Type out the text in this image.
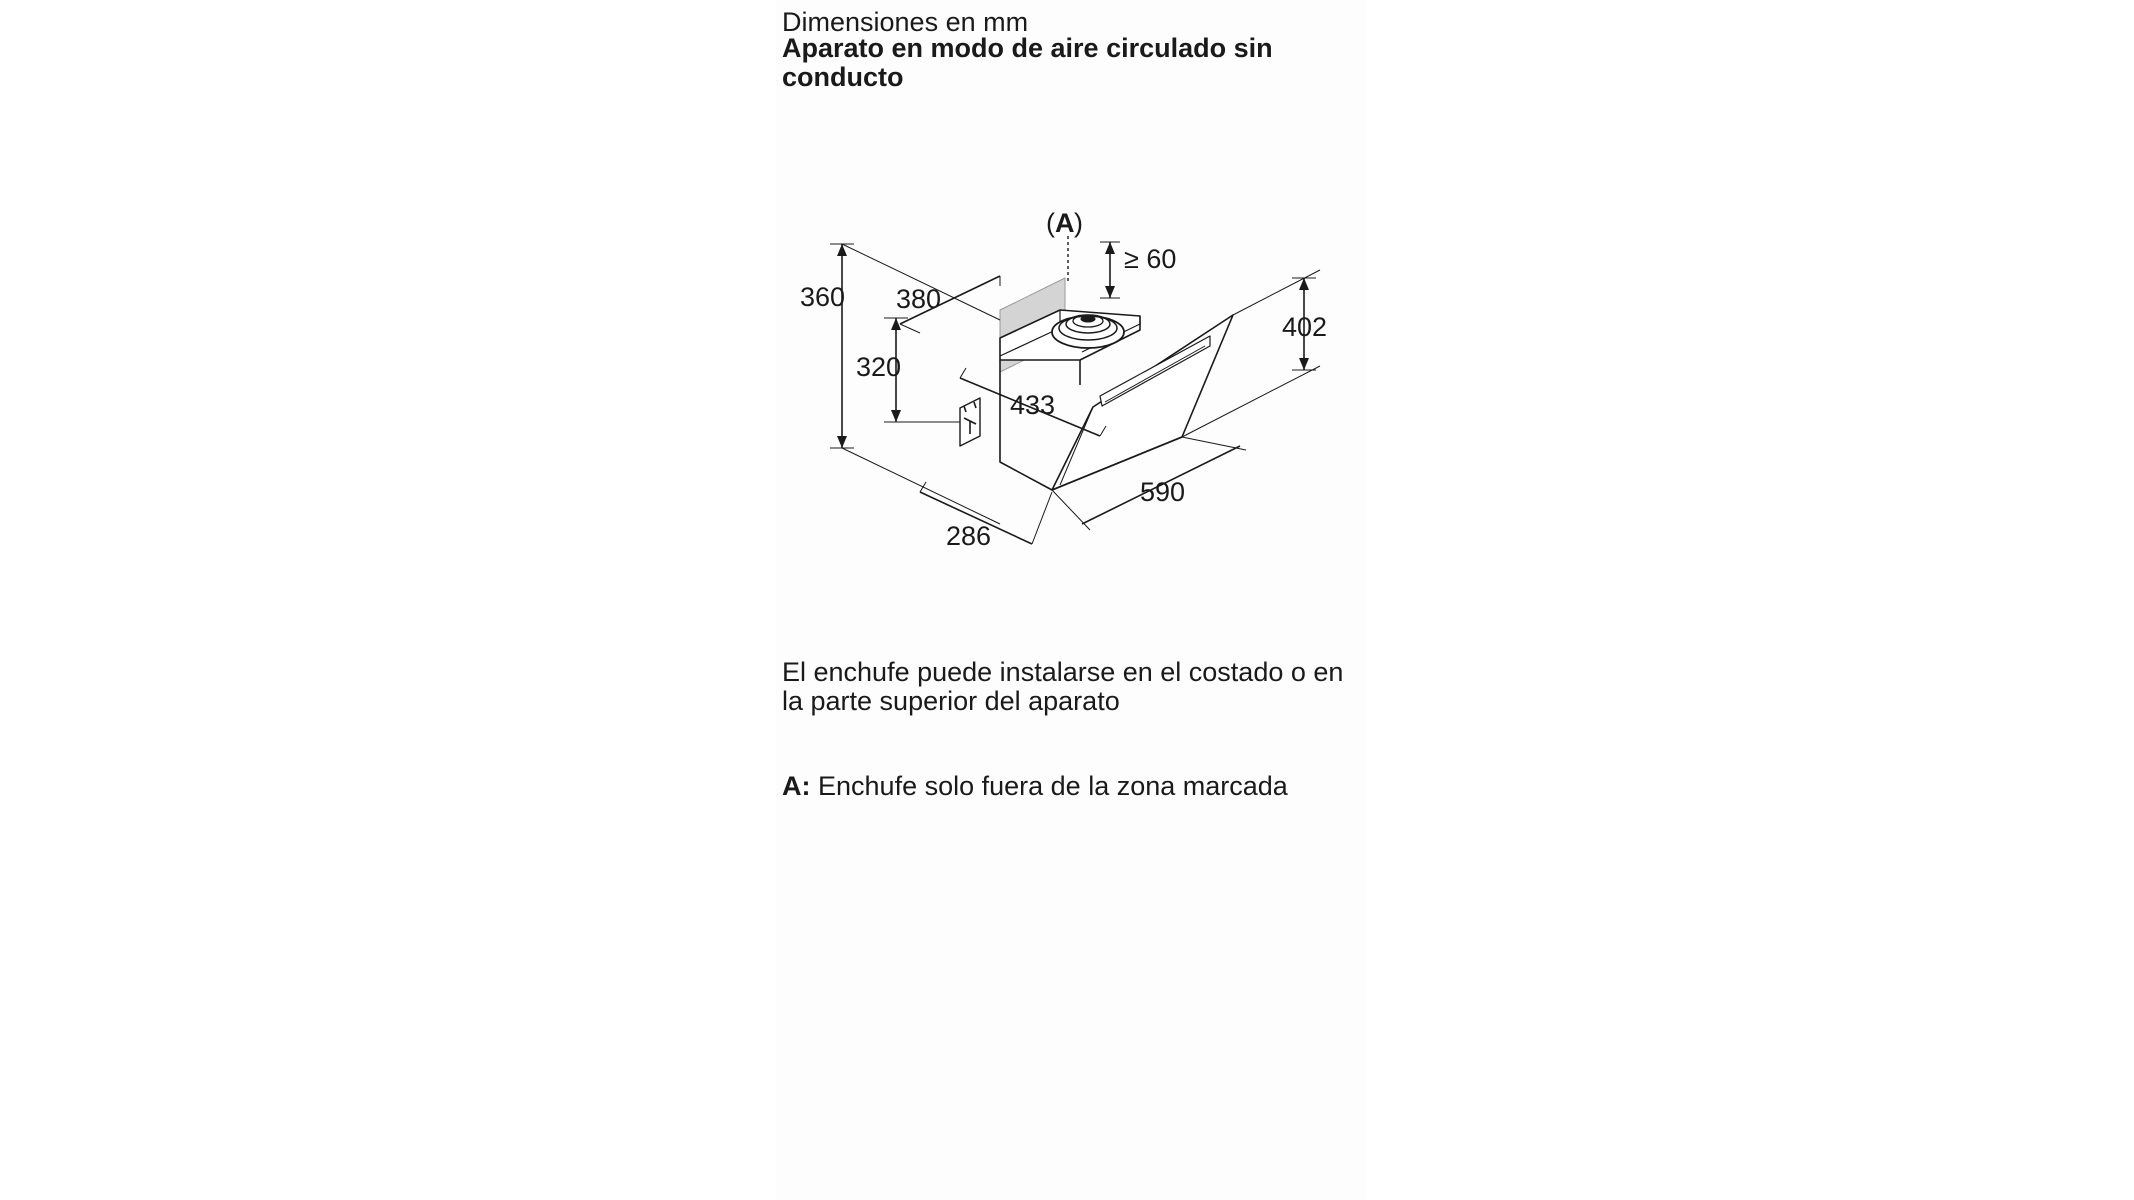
Dimensiones en mm
Aparato en modo de aire circulado sin conducto
( A )
≥ 60
360 380
320
433
402
590
286

El enchufe puede instalarse en el costado o en la parte superior del aparato

A: Enchufe solo fuera de la zona marcada
